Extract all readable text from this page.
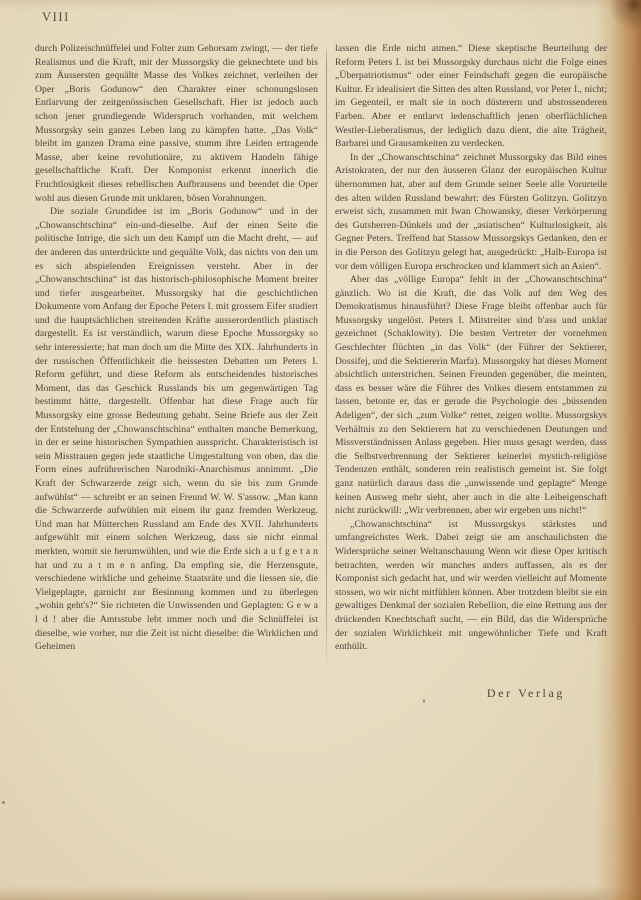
VIII

durch Polizeischnüffelei und Folter zum Gehorsam zwingt, — der tiefe Realismus und die Kraft, mit der Mussorgsky die geknechtete und bis zum Äussersten gequälte Masse des Volkes zeichnet, verleihen der Oper „Boris Godunow“ den Charakter einer schonungslosen Entlarvung der zeitgenössischen Gesellschaft. Hier ist jedoch auch schon jener grundlegende Widerspruch vorhanden, mit welchem Mussorgsky sein ganzes Leben lang zu kämpfen hatte. „Das Volk“ bleibt im ganzen Drama eine passive, stumm ihre Leiden ertragende Masse, aber keine revolutionäre, zu aktivem Handeln fähige gesellschaftliche Kraft. Der Komponist erkennt innerlich die Fruchtlosigkeit dieses rebellischen Aufbrausens und beendet die Oper wohl aus diesen Grunde mit unklaren, bösen Vorahnungen.

Die soziale Grundidee ist im „Boris Godunow“ und in der „Chowanschtschina“ ein-und-dieselbe. Auf der einen Seite die politische Intrige, die sich um den Kampf um die Macht dreht, — auf der anderen das unterdrückte und gequälte Volk, das nichts von den um es sich abspielenden Ereignissen versteht. Aber in der „Chowanschtschina“ ist das historisch-philosophische Moment breiter und tiefer ausgearbeitet. Mussorgsky hat die geschichtlichen Dokumente vom Anfang der Epoche Peters I. mit grossem Eifer studiert und die hauptsächlichen streitenden Kräfte ausserordentlich plastisch dargestellt. Es ist verständlich, warum diese Epoche Mussorgsky so sehr interessierte; hat man doch um die Mitte des XIX. Jahrhunderts in der russischen Öffentlichkeit die heissesten Debatten um Peters I. Reform geführt, und diese Reform als entscheidendes historisches Moment, das das Geschick Russlands bis um gegenwärtigen Tag bestimmt hätte, dargestellt. Offenbar hat diese Frage auch für Mussorgsky eine grosse Bedeutung gehabt. Seine Briefe aus der Zeit der Entstehung der „Chowanschtschina“ enthalten manche Bemerkung, in der er seine historischen Sympathien ausspricht. Charakteristisch ist sein Misstrauen gegen jede staatliche Umgestaltung von oben, das die Form eines aufrührerischen Narodniki-Anarchismus annimmt. „Die Kraft der Schwarzerde zeigt sich, wenn du sie bis zum Grunde aufwühlst“ — schreibt er an seinen Freund W. W. S'assow. „Man kann die Schwarzerde aufwühlen mit einem ihr ganz fremden Werkzeug. Und man hat Mütterchen Russland am Ende des XVII. Jahrhunderts aufgewühlt mit einem solchen Werkzeug, dass sie nicht einmal merkten, womit sie herumwühlen, und wie die Erde sich a u f g e t a n hat und zu a t m e n anfing. Da empfing sie, die Herzensgute, verschiedene wirkliche und geheime Staatsräte und die liessen sie, die Vielgeplagte, garnicht zur Besinnung kommen und zu überlegen „wohin geht's?“ Sie richteten die Unwissenden und Geplagten: G e w a l d ! aber die Amtsstube lebt immer noch und die Schnüffelei ist dieselbe, wie vorher, nur die Zeit ist nicht dieselbe: die Wirklichen und Geheimen

lassen die Erde nicht atmen.“ Diese skeptische Beurteilung der Reform Peters I. ist bei Mussorgsky durchaus nicht die Folge eines „Überpatriotismus“ oder einer Feindschaft gegen die europäische Kultur. Er idealisiert die Sitten des alten Russland, vor Peter I., nicht; im Gegenteil, er malt sie in noch düsterern und abstossenderen Farben. Aber er entlarvt ledenschaftlich jenen oberflächlichen Westler-Lieberalismus, der lediglich dazu dient, die alte Trägheit, Barbarei und Grausamkeiten zu verdecken.

In der „Chowanschtschina“ zeichnet Mussorgsky das Bild eines Aristokraten, der nur den äusseren Glanz der europäischen Kultur übernommen hat, aber auf dem Grunde seiner Seele alle Vorurteile des alten wilden Russland bewahrt: des Fürsten Golitzyn. Golitzyn erweist sich, zusammen mit Iwan Chowansky, dieser Verkörperung des Gutsherren-Dünkels und der „asiatischen“ Kulturlosigkeit, als Gegner Peters. Treffend hat Stassow Mussorgskys Gedanken, den er in die Person des Golitzyn gelegt hat, ausgedrückt: „Halb-Europa ist vor dem völligen Europa erschrocken und klammert sich an Asien“.

Aber das „völlige Europa“ fehlt in der „Chowanschtschina“ gänzlich. Wo ist die Kraft, die das Volk auf den Weg des Demokratismus hinausführt? Diese Frage bleibt offenbar auch für Mussorgsky ungelöst. Peters I. Mitstreiter sind b'ass und unklar gezeichnet (Schaklowity). Die besten Vertreter der vornehmen Geschlechter flüchten „in das Volk“ (der Führer der Sektierer, Dossifej, und die Sektiererin Marfa). Mussorgsky hat dieses Moment absichtlich unterstrichen. Seinen Freunden gegenüber, die meinten, dass es besser wäre die Führer des Volkes diesem entstammen zu lassen, betonte er, das er gerade die Psychologie des „büssenden Adeligen“, der sich „zum Volke“ rettet, zeigen wollte. Mussorgskys Verhältnis zu den Sektierern hat zu verschiedenen Deutungen und Missverständnissen Anlass gegeben. Hier muss gesagt werden, dass die Selbstverbrennung der Sektierer keinerlei mystich-religiöse Tendenzen enthält, sonderen rein realistisch gemeint ist. Sie folgt ganz natürlich daraus dass die „unwissende und geplagte“ Menge keinen Ausweg mehr sieht, aber auch in die alte Leibeigenschaft nicht zurückwill: „Wir verbrennen, aber wir ergeben uns nicht!“

„Chowanschtschina“ ist Mussorgskys stärkstes und umfangreichstes Werk. Dabei zeigt sie am anschaulichsten die Widersprüche seiner Weltanschauung Wenn wir diese Oper kritisch betrachten, werden wir manches anders auffassen, als es der Komponist sich gedacht hat, und wir werden vielleicht auf Momente stossen, wo wir nicht mitfühlen können. Aber trotzdem bleibt sie ein gewaltiges Denkmal der sozialen Rebellion, die eine Rettung aus der drückenden Knechtschaft sucht, — ein Bild, das die Widersprüche der sozialen Wirklichkeit mit ungewöhnlicher Tiefe und Kraft enthüllt.

Der Verlag
